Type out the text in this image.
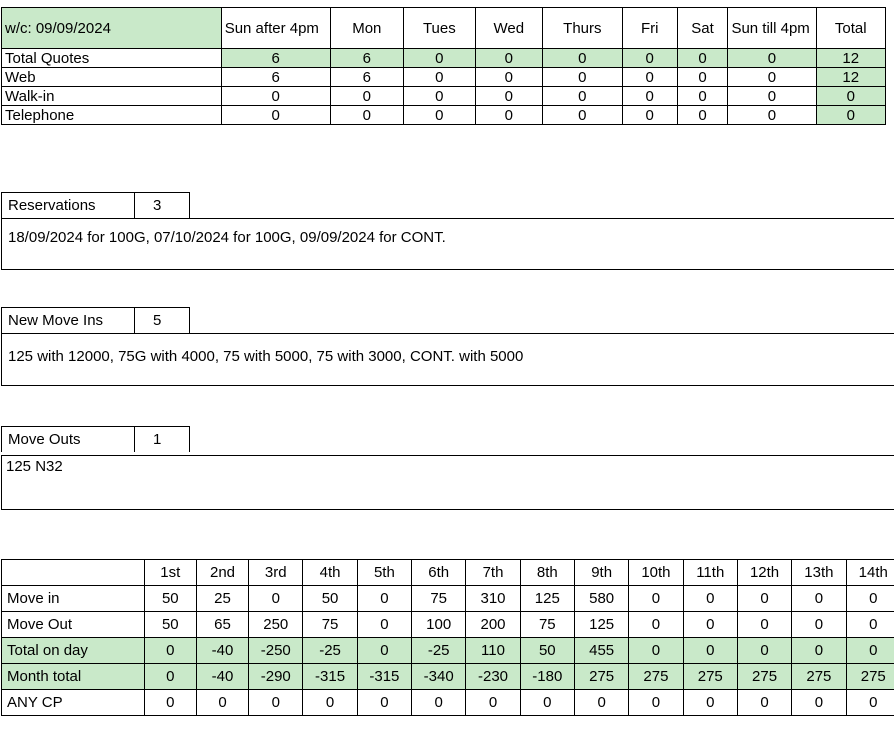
w/c: 09/09/2024	Sun after 4pm	Mon	Tues	Wed	Thurs	Fri	Sat	Sun till 4pm	Total
Total Quotes	6	6	0	0	0	0	0	0	12
Web	6	6	0	0	0	0	0	0	12
Walk-in	0	0	0	0	0	0	0	0	0
Telephone	0	0	0	0	0	0	0	0	0
Reservations	3
18/09/2024 for 100G, 07/10/2024 for 100G, 09/09/2024 for CONT.
New Move Ins	5
125 with 12000, 75G with 4000, 75 with 5000, 75 with 3000, CONT. with 5000
Move Outs	1
125 N32
	1st	2nd	3rd	4th	5th	6th	7th	8th	9th	10th	11th	12th	13th	14th
Move in	50	25	0	50	0	75	310	125	580	0	0	0	0	0
Move Out	50	65	250	75	0	100	200	75	125	0	0	0	0	0
Total on day	0	-40	-250	-25	0	-25	110	50	455	0	0	0	0	0
Month total	0	-40	-290	-315	-315	-340	-230	-180	275	275	275	275	275	275
ANY CP	0	0	0	0	0	0	0	0	0	0	0	0	0	0
